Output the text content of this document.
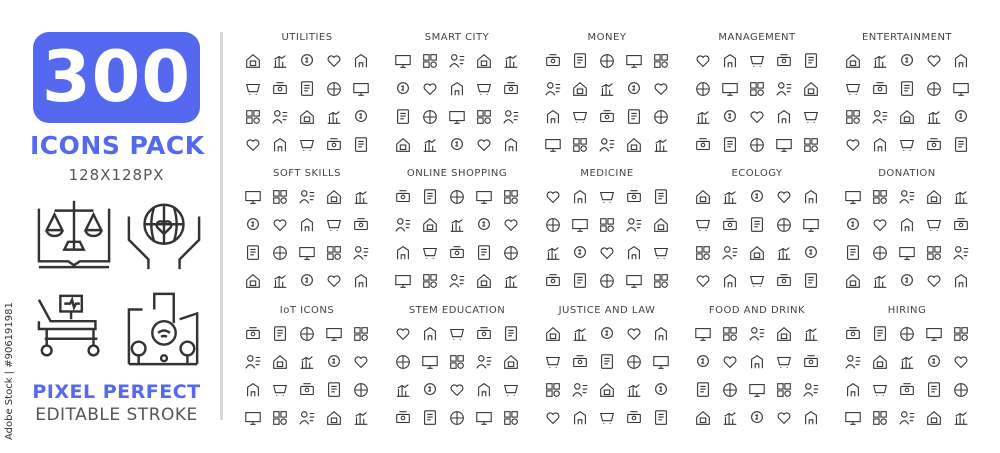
300
ICONS PACK
128X128PX
PIXEL PERFECT
EDITABLE STROKE
Adobe Stock | #906191981
UTILITIES	SMART CITY	MONEY	MANAGEMENT	ENTERTAINMENT
SOFT SKILLS	ONLINE SHOPPING	MEDICINE	ECOLOGY	DONATION
IoT ICONS	STEM EDUCATION	JUSTICE AND LAW	FOOD AND DRINK	HIRING
